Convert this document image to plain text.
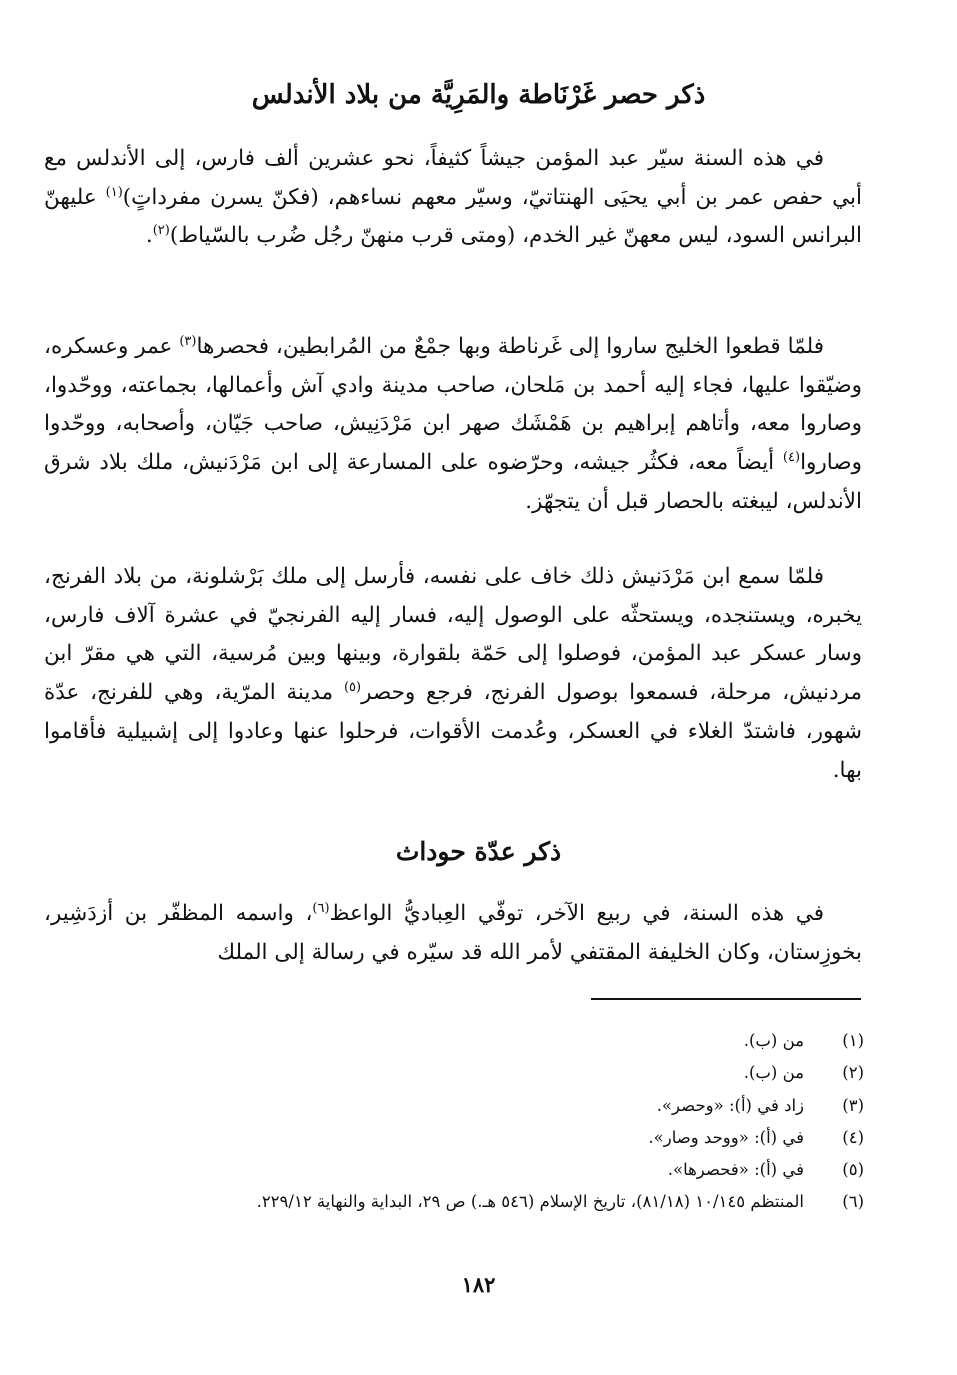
ذكر حصر غَرْنَاطة والمَرِيَّة من بلاد الأندلس

في هذه السنة سيّر عبد المؤمن جيشاً كثيفاً، نحو عشرين ألف فارس، إلى الأندلس مع أبي حفص عمر بن أبي يحيَى الهنتاتيّ، وسيّر معهم نساءهم، (فكنّ يسرن مفرداتٍ)$^{(١)}$ عليهنّ البرانس السود، ليس معهنّ غير الخدم، (ومتى قرب منهنّ رجُل ضُرب بالسّياط)$^{(٢)}$.

فلمّا قطعوا الخليج ساروا إلى غَرناطة وبها جمْعٌ من المُرابطين، فحصرها$^{(٣)}$ عمر وعسكره، وضيّقوا عليها، فجاء إليه أحمد بن مَلحان، صاحب مدينة وادي آش وأعمالها، بجماعته، ووحّدوا، وصاروا معه، وأتاهم إبراهيم بن هَمْشَك صهر ابن مَرْدَنِيش، صاحب جَيّان، وأصحابه، ووحّدوا وصاروا$^{(٤)}$ أيضاً معه، فكثُر جيشه، وحرّضوه على المسارعة إلى ابن مَرْدَنيش، ملك بلاد شرق الأندلس، ليبغته بالحصار قبل أن يتجهّز.

فلمّا سمع ابن مَرْدَنيش ذلك خاف على نفسه، فأرسل إلى ملك بَرْشلونة، من بلاد الفرنج، يخبره، ويستنجده، ويستحثّه على الوصول إليه، فسار إليه الفرنجيّ في عشرة آلاف فارس، وسار عسكر عبد المؤمن، فوصلوا إلى حَمّة بلقوارة، وبينها وبين مُرسية، التي هي مقرّ ابن مردنيش، مرحلة، فسمعوا بوصول الفرنج، فرجع وحصر$^{(٥)}$ مدينة المرّية، وهي للفرنج، عدّة شهور، فاشتدّ الغلاء في العسكر، وعُدمت الأقوات، فرحلوا عنها وعادوا إلى إشبيلية فأقاموا بها.

ذكر عدّة حوداث

في هذه السنة، في ربيع الآخر، توفّي العِباديُّ الواعظ$^{(٦)}$، واسمه المظفّر بن أزدَشِير، بخوزِستان، وكان الخليفة المقتفي لأمر الله قد سيّره في رسالة إلى الملك

(١)من (ب).
(٢)من (ب).
(٣)زاد في (أ): «وحصر».
(٤)في (أ): «ووحد وصار».
(٥)في (أ): «فحصرها».
(٦)المنتظم ١٠/١٤٥ (٨١/١٨)، تاريخ الإسلام (٥٤٦ هـ.) ص ٢٩، البداية والنهاية ٢٢٩/١٢.
١٨٢
